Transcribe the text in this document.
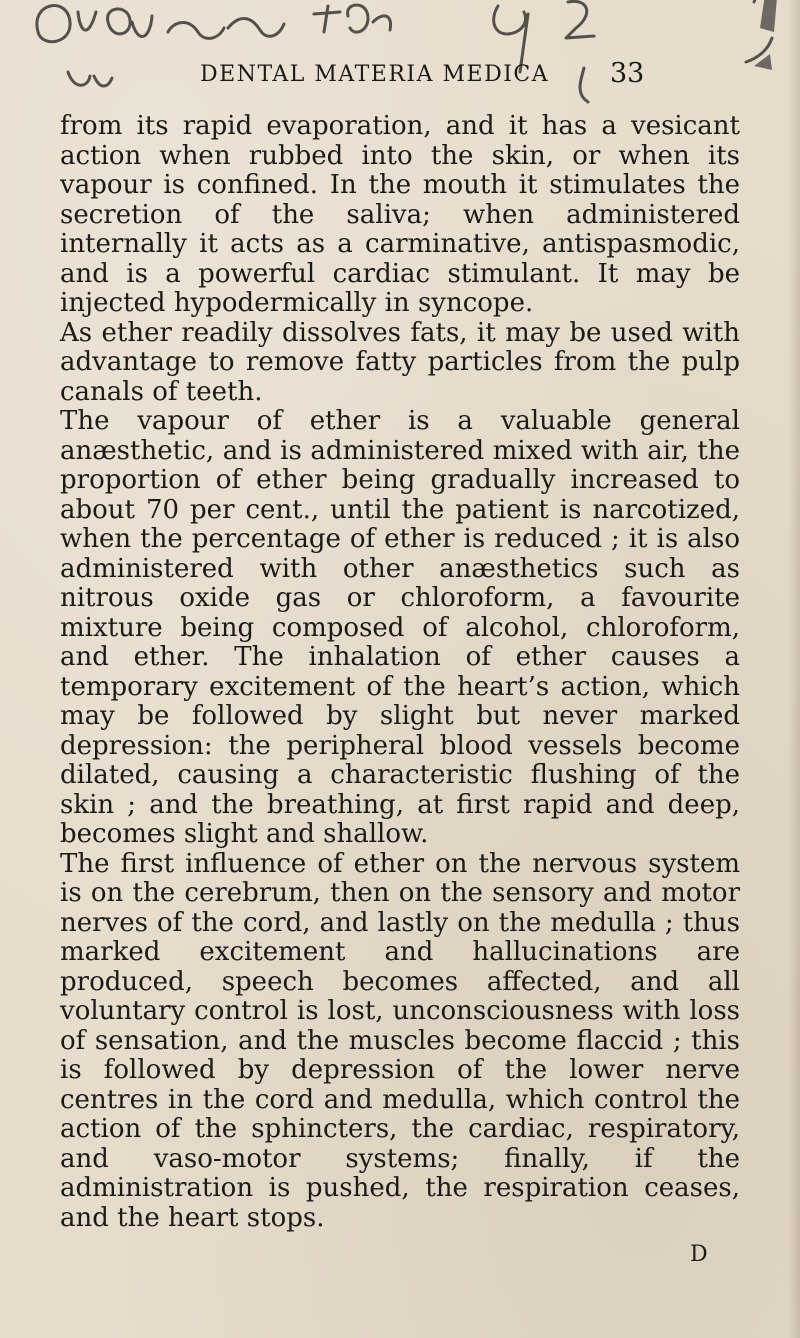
DENTAL MATERIA MEDICA 33

from its rapid evaporation, and it has a vesicant action when rubbed into the skin, or when its vapour is confined. In the mouth it stimulates the secretion of the saliva; when administered internally it acts as a carminative, antispasmodic, and is a powerful cardiac stimulant. It may be injected hypodermically in syncope.

As ether readily dissolves fats, it may be used with advantage to remove fatty particles from the pulp canals of teeth.

The vapour of ether is a valuable general anæsthetic, and is administered mixed with air, the proportion of ether being gradually increased to about 70 per cent., until the patient is narcotized, when the percentage of ether is reduced ; it is also administered with other anæsthetics such as nitrous oxide gas or chloroform, a favourite mixture being composed of alcohol, chloroform, and ether. The inhalation of ether causes a temporary excitement of the heart’s action, which may be followed by slight but never marked depression: the peripheral blood vessels become dilated, causing a characteristic flushing of the skin ; and the breathing, at first rapid and deep, becomes slight and shallow.

The first influence of ether on the nervous system is on the cerebrum, then on the sensory and motor nerves of the cord, and lastly on the medulla ; thus marked excitement and hallucinations are produced, speech becomes affected, and all voluntary control is lost, unconsciousness with loss of sensation, and the muscles become flaccid ; this is followed by depression of the lower nerve centres in the cord and medulla, which control the action of the sphincters, the cardiac, respiratory, and vaso-motor systems; finally, if the administration is pushed, the respiration ceases, and the heart stops.

D
